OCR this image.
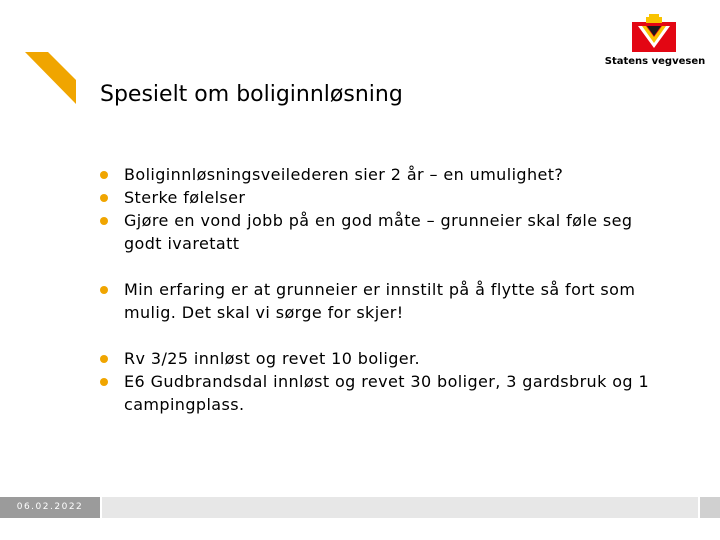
Spesielt om boliginnløsning
Statens vegvesen
Boliginnløsningsveilederen sier 2 år – en umulighet?
Sterke følelser
Gjøre en vond jobb på en god måte – grunneier skal føle seg godt ivaretatt
Min erfaring er at grunneier er innstilt på å flytte så fort som mulig. Det skal vi sørge for skjer!
Rv 3/25 innløst og revet 10 boliger.
E6 Gudbrandsdal innløst og revet 30 boliger, 3 gardsbruk og 1 campingplass.
06.02.2022
